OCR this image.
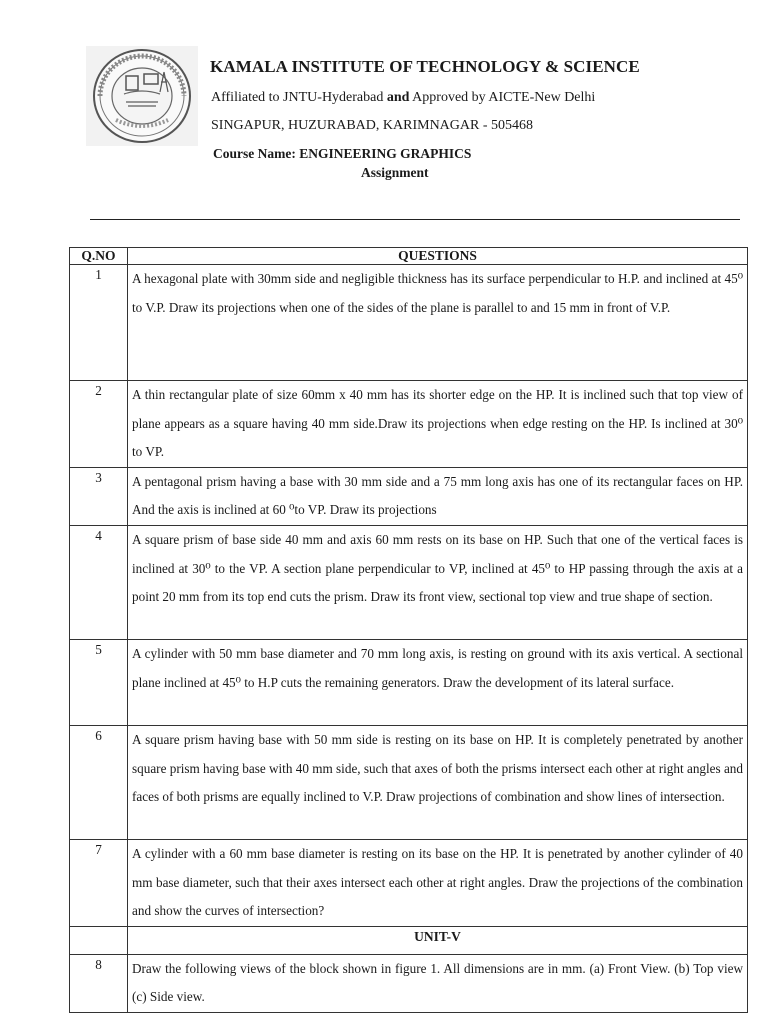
KAMALA INSTITUTE OF TECHNOLOGY & SCIENCE
Affiliated to JNTU-Hyderabad and Approved by AICTE-New Delhi
SINGAPUR, HUZURABAD, KARIMNAGAR - 505468
Course Name: ENGINEERING GRAPHICS
Assignment
Q.NO	QUESTIONS
1	A hexagonal plate with 30mm side and negligible thickness has its surface perpendicular to H.P. and inclined at 45⁰ to V.P. Draw its projections when one of the sides of the plane is parallel to and 15 mm in front of V.P.
2	A thin rectangular plate of size 60mm x 40 mm has its shorter edge on the HP. It is inclined such that top view of plane appears as a square having 40 mm side.Draw its projections when edge resting on the HP. Is inclined at 30⁰ to VP.
3	A pentagonal prism having a base with 30 mm side and a 75 mm long axis has one of its rectangular faces on HP. And the axis is inclined at 60 ⁰to VP. Draw its projections
4	A square prism of base side 40 mm and axis 60 mm rests on its base on HP. Such that one of the vertical faces is inclined at 30⁰ to the VP. A section plane perpendicular to VP, inclined at 45⁰ to HP passing through the axis at a point 20 mm from its top end cuts the prism. Draw its front view, sectional top view and true shape of section.
5	A cylinder with 50 mm base diameter and 70 mm long axis, is resting on ground with its axis vertical. A sectional plane inclined at 45⁰ to H.P cuts the remaining generators. Draw the development of its lateral surface.
6	A square prism having base with 50 mm side is resting on its base on HP. It is completely penetrated by another square prism having base with 40 mm side, such that axes of both the prisms intersect each other at right angles and faces of both prisms are equally inclined to V.P. Draw projections of combination and show lines of intersection.
7	A cylinder with a 60 mm base diameter is resting on its base on the HP. It is penetrated by another cylinder of 40 mm base diameter, such that their axes intersect each other at right angles. Draw the projections of the combination and show the curves of intersection?
	UNIT-V
8	Draw the following views of the block shown in figure 1. All dimensions are in mm. (a) Front View. (b) Top view (c) Side view.
